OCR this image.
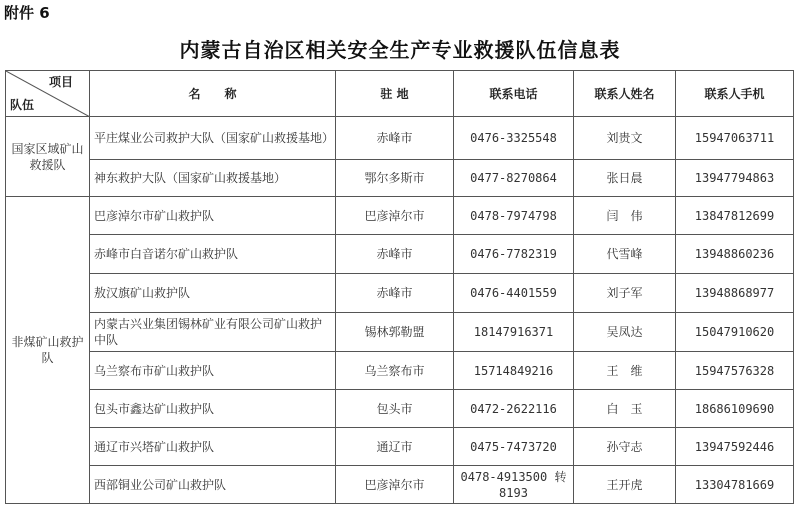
附件 6
内蒙古自治区相关安全生产专业救援队伍信息表
项目
队伍	名　　称	驻 地	联系电话	联系人姓名	联系人手机
国家区域矿山救援队	平庄煤业公司救护大队（国家矿山救援基地）	赤峰市	0476-3325548	刘贵文	15947063711
	神东救护大队（国家矿山救援基地）	鄂尔多斯市	0477-8270864	张日晨	13947794863
非煤矿山救护队	巴彦淖尔市矿山救护队	巴彦淖尔市	0478-7974798	闫　伟	13847812699
	赤峰市白音诺尔矿山救护队	赤峰市	0476-7782319	代雪峰	13948860236
	敖汉旗矿山救护队	赤峰市	0476-4401559	刘子军	13948868977
	内蒙古兴业集团锡林矿业有限公司矿山救护中队	锡林郭勒盟	18147916371	吴凤达	15047910620
	乌兰察布市矿山救护队	乌兰察布市	15714849216	王　维	15947576328
	包头市鑫达矿山救护队	包头市	0472-2622116	白　玉	18686109690
	通辽市兴塔矿山救护队	通辽市	0475-7473720	孙守志	13947592446
	西部铜业公司矿山救护队	巴彦淖尔市	0478-4913500 转 8193	王开虎	13304781669
